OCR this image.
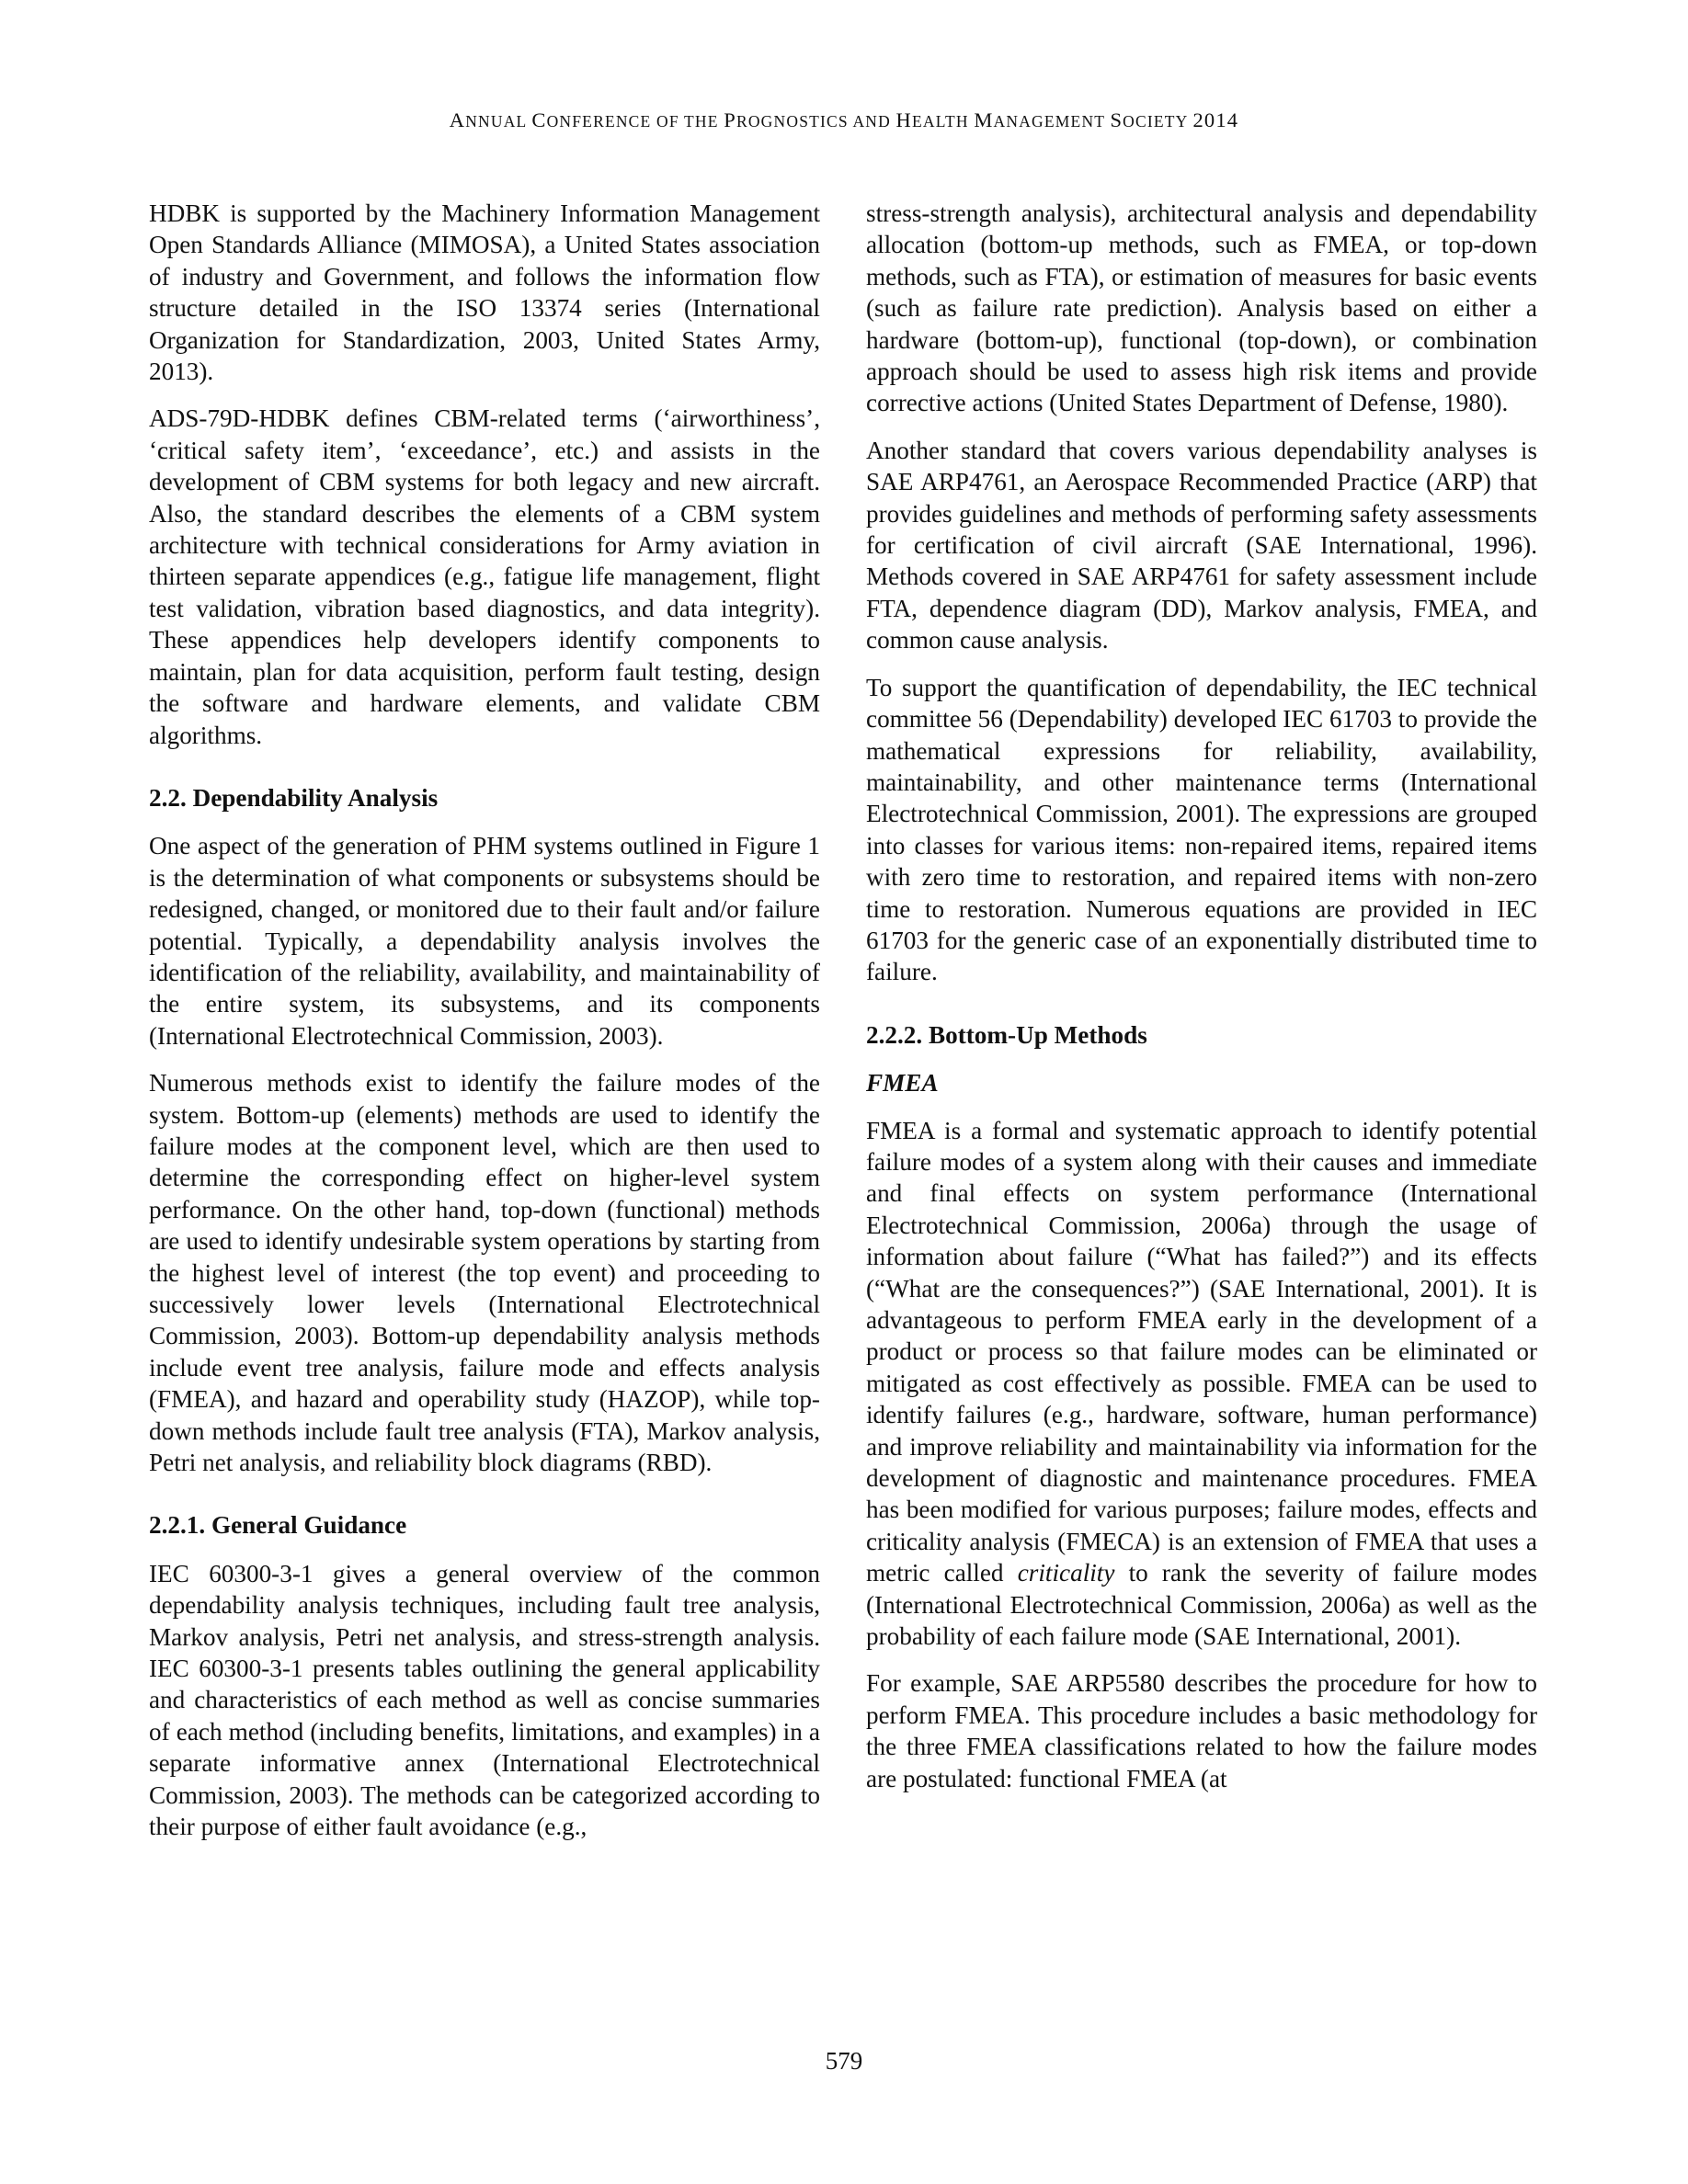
ANNUAL CONFERENCE OF THE PROGNOSTICS AND HEALTH MANAGEMENT SOCIETY 2014

HDBK is supported by the Machinery Information Management Open Standards Alliance (MIMOSA), a United States association of industry and Government, and follows the information flow structure detailed in the ISO 13374 series (International Organization for Standardization, 2003, United States Army, 2013).

ADS-79D-HDBK defines CBM-related terms (‘airworthiness’, ‘critical safety item’, ‘exceedance’, etc.) and assists in the development of CBM systems for both legacy and new aircraft. Also, the standard describes the elements of a CBM system architecture with technical considerations for Army aviation in thirteen separate appendices (e.g., fatigue life management, flight test validation, vibration based diagnostics, and data integrity). These appendices help developers identify components to maintain, plan for data acquisition, perform fault testing, design the software and hardware elements, and validate CBM algorithms.

2.2. Dependability Analysis

One aspect of the generation of PHM systems outlined in Figure 1 is the determination of what components or subsystems should be redesigned, changed, or monitored due to their fault and/or failure potential. Typically, a dependability analysis involves the identification of the reliability, availability, and maintainability of the entire system, its subsystems, and its components (International Electrotechnical Commission, 2003).

Numerous methods exist to identify the failure modes of the system. Bottom-up (elements) methods are used to identify the failure modes at the component level, which are then used to determine the corresponding effect on higher-level system performance. On the other hand, top-down (functional) methods are used to identify undesirable system operations by starting from the highest level of interest (the top event) and proceeding to successively lower levels (International Electrotechnical Commission, 2003). Bottom-up dependability analysis methods include event tree analysis, failure mode and effects analysis (FMEA), and hazard and operability study (HAZOP), while top-down methods include fault tree analysis (FTA), Markov analysis, Petri net analysis, and reliability block diagrams (RBD).

2.2.1. General Guidance

IEC 60300-3-1 gives a general overview of the common dependability analysis techniques, including fault tree analysis, Markov analysis, Petri net analysis, and stress-strength analysis. IEC 60300-3-1 presents tables outlining the general applicability and characteristics of each method as well as concise summaries of each method (including benefits, limitations, and examples) in a separate informative annex (International Electrotechnical Commission, 2003). The methods can be categorized according to their purpose of either fault avoidance (e.g.,

stress-strength analysis), architectural analysis and dependability allocation (bottom-up methods, such as FMEA, or top-down methods, such as FTA), or estimation of measures for basic events (such as failure rate prediction). Analysis based on either a hardware (bottom-up), functional (top-down), or combination approach should be used to assess high risk items and provide corrective actions (United States Department of Defense, 1980).

Another standard that covers various dependability analyses is SAE ARP4761, an Aerospace Recommended Practice (ARP) that provides guidelines and methods of performing safety assessments for certification of civil aircraft (SAE International, 1996). Methods covered in SAE ARP4761 for safety assessment include FTA, dependence diagram (DD), Markov analysis, FMEA, and common cause analysis.

To support the quantification of dependability, the IEC technical committee 56 (Dependability) developed IEC 61703 to provide the mathematical expressions for reliability, availability, maintainability, and other maintenance terms (International Electrotechnical Commission, 2001). The expressions are grouped into classes for various items: non-repaired items, repaired items with zero time to restoration, and repaired items with non-zero time to restoration. Numerous equations are provided in IEC 61703 for the generic case of an exponentially distributed time to failure.

2.2.2. Bottom-Up Methods
FMEA

FMEA is a formal and systematic approach to identify potential failure modes of a system along with their causes and immediate and final effects on system performance (International Electrotechnical Commission, 2006a) through the usage of information about failure (“What has failed?”) and its effects (“What are the consequences?”) (SAE International, 2001). It is advantageous to perform FMEA early in the development of a product or process so that failure modes can be eliminated or mitigated as cost effectively as possible. FMEA can be used to identify failures (e.g., hardware, software, human performance) and improve reliability and maintainability via information for the development of diagnostic and maintenance procedures. FMEA has been modified for various purposes; failure modes, effects and criticality analysis (FMECA) is an extension of FMEA that uses a metric called criticality to rank the severity of failure modes (International Electrotechnical Commission, 2006a) as well as the probability of each failure mode (SAE International, 2001).

For example, SAE ARP5580 describes the procedure for how to perform FMEA. This procedure includes a basic methodology for the three FMEA classifications related to how the failure modes are postulated: functional FMEA (at

579
